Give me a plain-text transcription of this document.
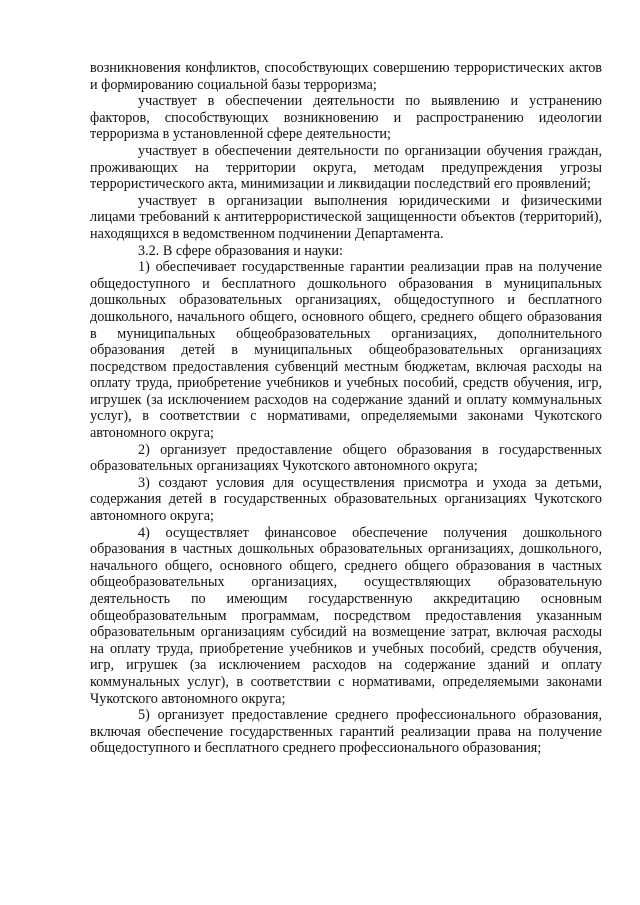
возникновения конфликтов, способствующих совершению террористических актов и формированию социальной базы терроризма;

участвует в обеспечении деятельности по выявлению и устранению факторов, способствующих возникновению и распространению идеологии терроризма в установленной сфере деятельности;

участвует в обеспечении деятельности по организации обучения граждан, проживающих на территории округа, методам предупреждения угрозы террористического акта, минимизации и ликвидации последствий его проявлений;

участвует в организации выполнения юридическими и физическими лицами требований к антитеррористической защищенности объектов (территорий), находящихся в ведомственном подчинении Департамента.

3.2. В сфере образования и науки:

1) обеспечивает государственные гарантии реализации прав на получение общедоступного и бесплатного дошкольного образования в муниципальных дошкольных образовательных организациях, общедоступного и бесплатного дошкольного, начального общего, основного общего, среднего общего образования в муниципальных общеобразовательных организациях, дополнительного образования детей в муниципальных общеобразовательных организациях посредством предоставления субвенций местным бюджетам, включая расходы на оплату труда, приобретение учебников и учебных пособий, средств обучения, игр, игрушек (за исключением расходов на содержание зданий и оплату коммунальных услуг), в соответствии с нормативами, определяемыми законами Чукотского автономного округа;

2) организует предоставление общего образования в государственных образовательных организациях Чукотского автономного округа;

3) создают условия для осуществления присмотра и ухода за детьми, содержания детей в государственных образовательных организациях Чукотского автономного округа;

4) осуществляет финансовое обеспечение получения дошкольного образования в частных дошкольных образовательных организациях, дошкольного, начального общего, основного общего, среднего общего образования в частных общеобразовательных организациях, осуществляющих образовательную деятельность по имеющим государственную аккредитацию основным общеобразовательным программам, посредством предоставления указанным образовательным организациям субсидий на возмещение затрат, включая расходы на оплату труда, приобретение учебников и учебных пособий, средств обучения, игр, игрушек (за исключением расходов на содержание зданий и оплату коммунальных услуг), в соответствии с нормативами, определяемыми законами Чукотского автономного округа;

5) организует предоставление среднего профессионального образования, включая обеспечение государственных гарантий реализации права на получение общедоступного и бесплатного среднего профессионального образования;
